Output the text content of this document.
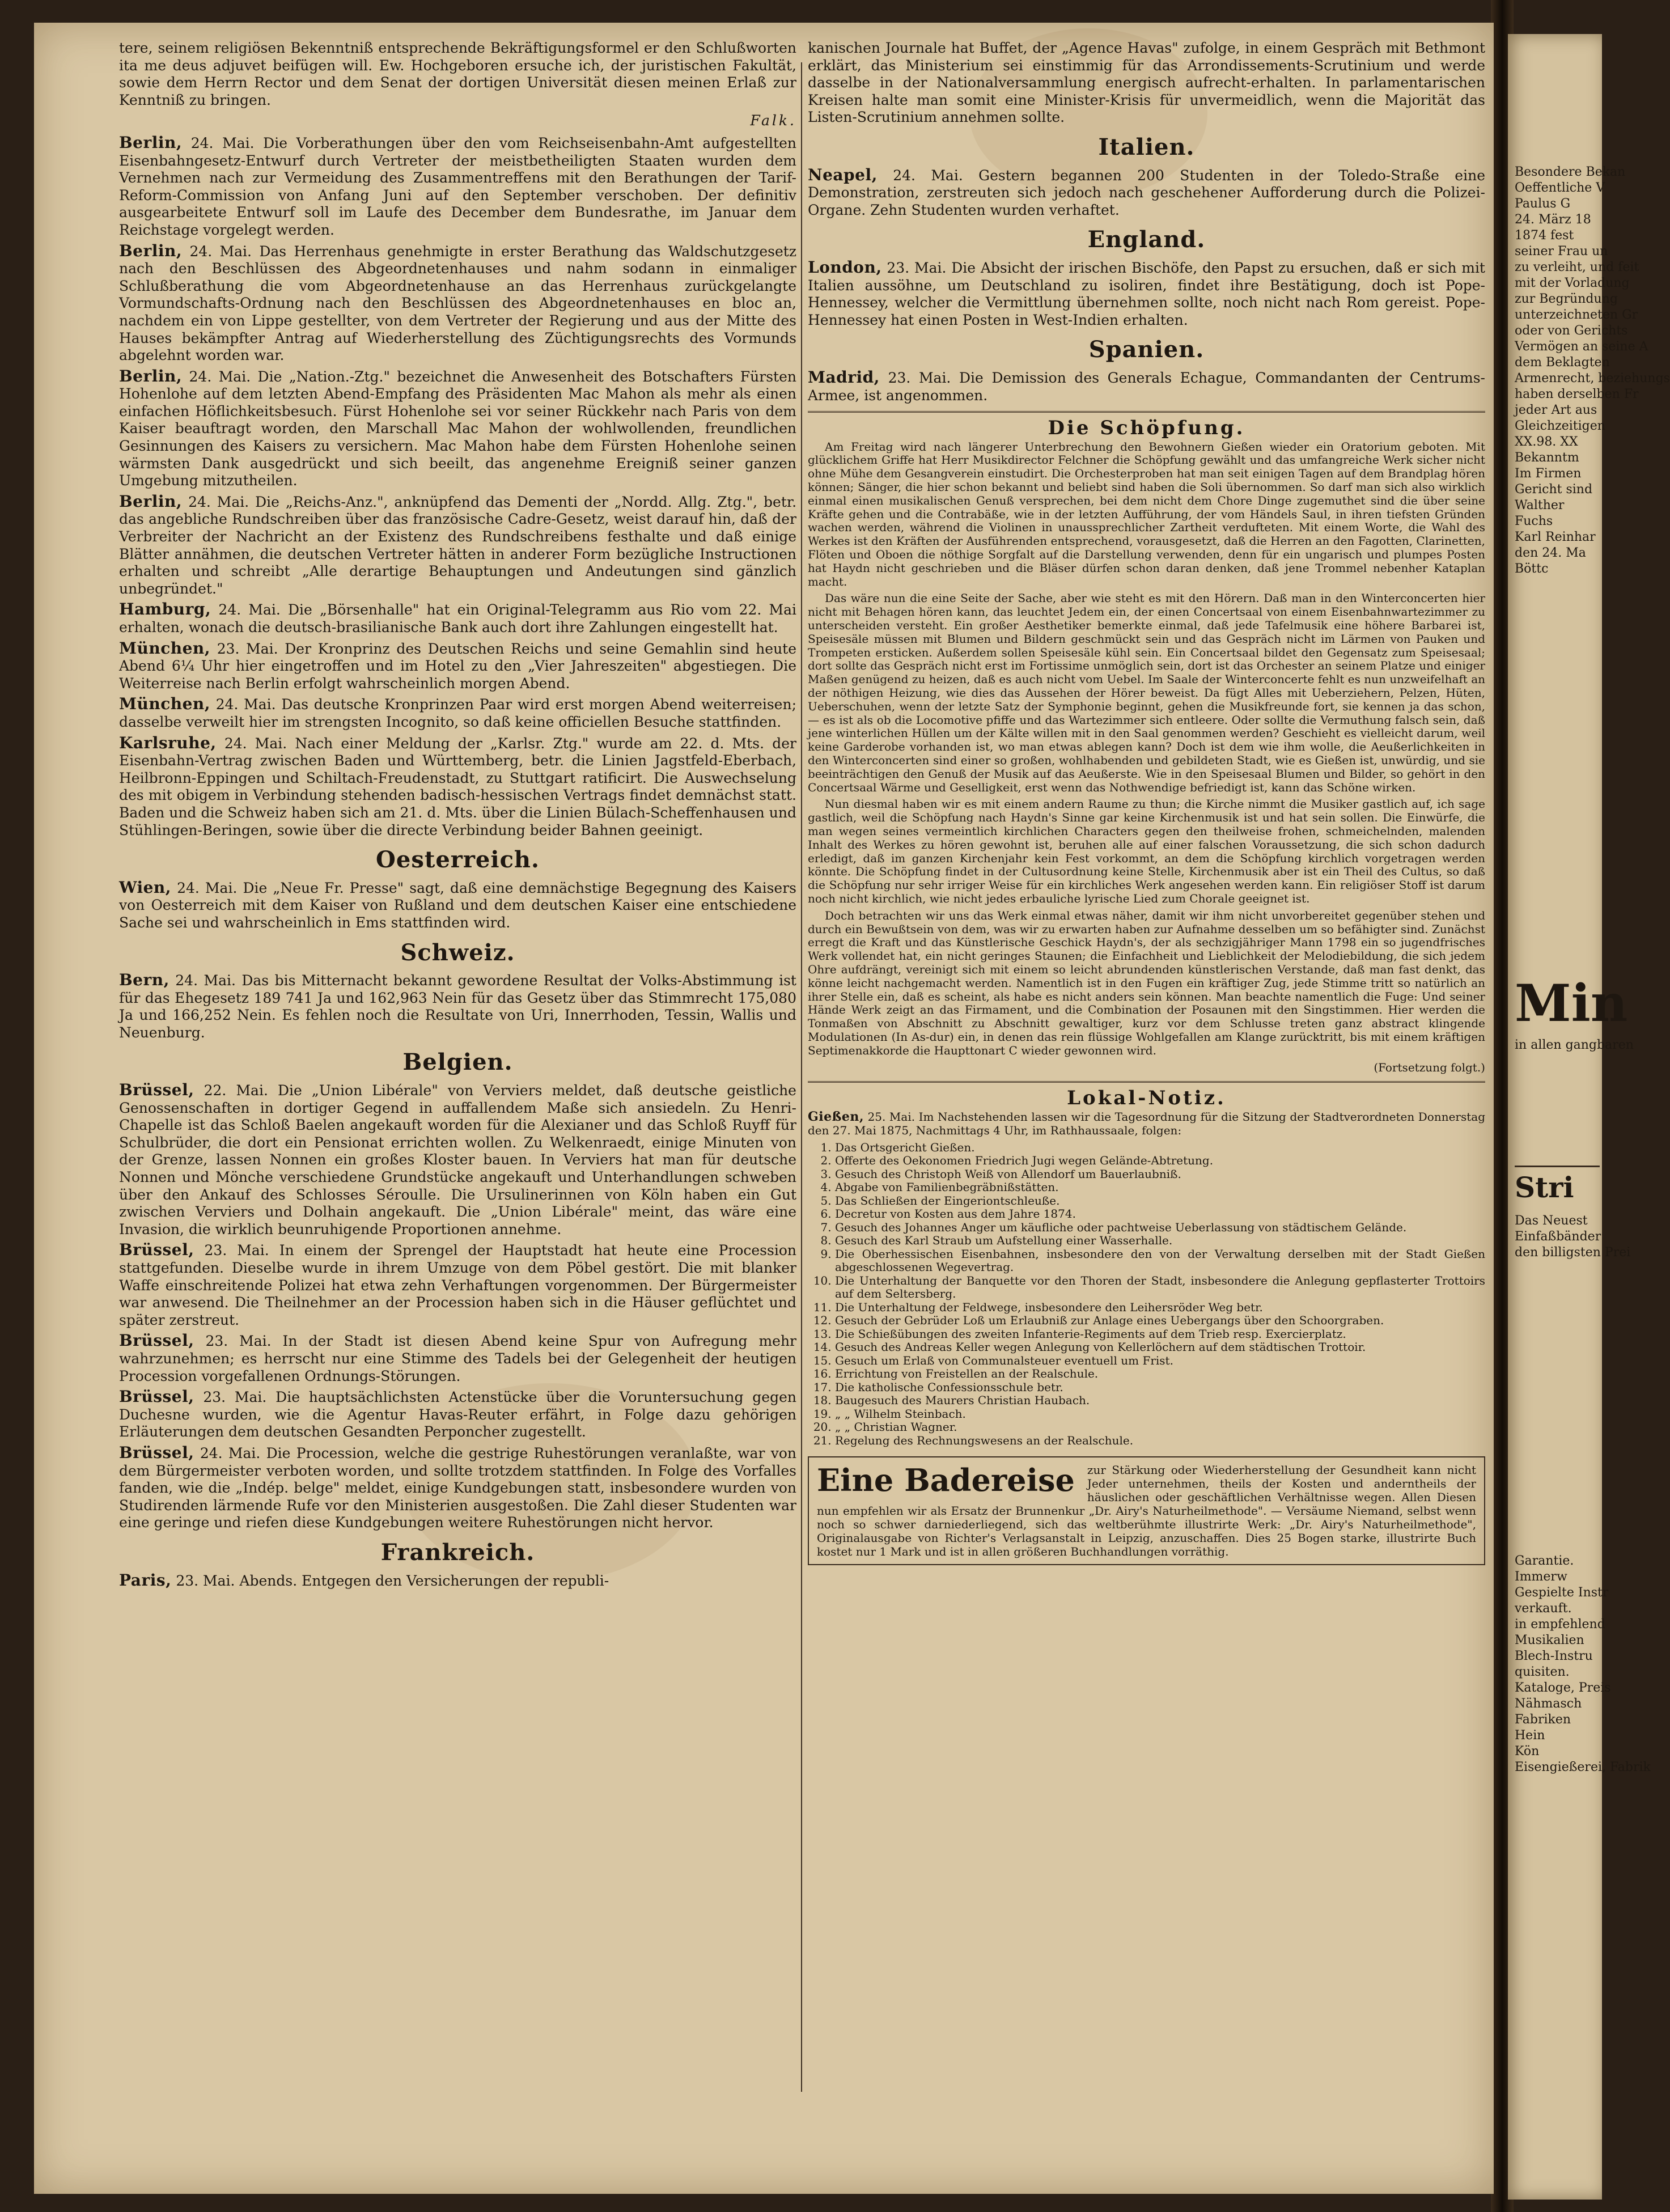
tere, seinem religiösen Bekenntniß entsprechende Bekräftigungsformel er den Schlußworten ita me deus adjuvet beifügen will. Ew. Hochgeboren ersuche ich, der juristischen Fakultät, sowie dem Herrn Rector und dem Senat der dortigen Universität diesen meinen Erlaß zur Kenntniß zu bringen.

Falk.

Berlin, 24. Mai. Die Vorberathungen über den vom Reichseisenbahn-Amt aufgestellten Eisenbahngesetz-Entwurf durch Vertreter der meistbetheiligten Staaten wurden dem Vernehmen nach zur Vermeidung des Zusammentreffens mit den Berathungen der Tarif-Reform-Commission von Anfang Juni auf den September verschoben. Der definitiv ausgearbeitete Entwurf soll im Laufe des December dem Bundesrathe, im Januar dem Reichstage vorgelegt werden.

Berlin, 24. Mai. Das Herrenhaus genehmigte in erster Berathung das Waldschutzgesetz nach den Beschlüssen des Abgeordnetenhauses und nahm sodann in einmaliger Schlußberathung die vom Abgeordnetenhause an das Herrenhaus zurückgelangte Vormundschafts-Ordnung nach den Beschlüssen des Abgeordnetenhauses en bloc an, nachdem ein von Lippe gestellter, von dem Vertreter der Regierung und aus der Mitte des Hauses bekämpfter Antrag auf Wiederherstellung des Züchtigungsrechts des Vormunds abgelehnt worden war.

Berlin, 24. Mai. Die „Nation.-Ztg." bezeichnet die Anwesenheit des Botschafters Fürsten Hohenlohe auf dem letzten Abend-Empfang des Präsidenten Mac Mahon als mehr als einen einfachen Höflichkeitsbesuch. Fürst Hohenlohe sei vor seiner Rückkehr nach Paris von dem Kaiser beauftragt worden, den Marschall Mac Mahon der wohlwollenden, freundlichen Gesinnungen des Kaisers zu versichern. Mac Mahon habe dem Fürsten Hohenlohe seinen wärmsten Dank ausgedrückt und sich beeilt, das angenehme Ereigniß seiner ganzen Umgebung mitzutheilen.

Berlin, 24. Mai. Die „Reichs-Anz.", anknüpfend das Dementi der „Nordd. Allg. Ztg.", betr. das angebliche Rundschreiben über das französische Cadre-Gesetz, weist darauf hin, daß der Verbreiter der Nachricht an der Existenz des Rundschreibens festhalte und daß einige Blätter annähmen, die deutschen Vertreter hätten in anderer Form bezügliche Instructionen erhalten und schreibt „Alle derartige Behauptungen und Andeutungen sind gänzlich unbegründet."

Hamburg, 24. Mai. Die „Börsenhalle" hat ein Original-Telegramm aus Rio vom 22. Mai erhalten, wonach die deutsch-brasilianische Bank auch dort ihre Zahlungen eingestellt hat.

München, 23. Mai. Der Kronprinz des Deutschen Reichs und seine Gemahlin sind heute Abend 6¼ Uhr hier eingetroffen und im Hotel zu den „Vier Jahreszeiten" abgestiegen. Die Weiterreise nach Berlin erfolgt wahrscheinlich morgen Abend.

München, 24. Mai. Das deutsche Kronprinzen Paar wird erst morgen Abend weiterreisen; dasselbe verweilt hier im strengsten Incognito, so daß keine officiellen Besuche stattfinden.

Karlsruhe, 24. Mai. Nach einer Meldung der „Karlsr. Ztg." wurde am 22. d. Mts. der Eisenbahn-Vertrag zwischen Baden und Württemberg, betr. die Linien Jagstfeld-Eberbach, Heilbronn-Eppingen und Schiltach-Freudenstadt, zu Stuttgart ratificirt. Die Auswechselung des mit obigem in Verbindung stehenden badisch-hessischen Vertrags findet demnächst statt. Baden und die Schweiz haben sich am 21. d. Mts. über die Linien Bülach-Scheffenhausen und Stühlingen-Beringen, sowie über die directe Verbindung beider Bahnen geeinigt.

Oesterreich.

Wien, 24. Mai. Die „Neue Fr. Presse" sagt, daß eine demnächstige Begegnung des Kaisers von Oesterreich mit dem Kaiser von Rußland und dem deutschen Kaiser eine entschiedene Sache sei und wahrscheinlich in Ems stattfinden wird.

Schweiz.

Bern, 24. Mai. Das bis Mitternacht bekannt gewordene Resultat der Volks-Abstimmung ist für das Ehegesetz 189 741 Ja und 162,963 Nein für das Gesetz über das Stimmrecht 175,080 Ja und 166,252 Nein. Es fehlen noch die Resultate von Uri, Innerrhoden, Tessin, Wallis und Neuenburg.

Belgien.

Brüssel, 22. Mai. Die „Union Libérale" von Verviers meldet, daß deutsche geistliche Genossenschaften in dortiger Gegend in auffallendem Maße sich ansiedeln. Zu Henri-Chapelle ist das Schloß Baelen angekauft worden für die Alexianer und das Schloß Ruyff für Schulbrüder, die dort ein Pensionat errichten wollen. Zu Welkenraedt, einige Minuten von der Grenze, lassen Nonnen ein großes Kloster bauen. In Verviers hat man für deutsche Nonnen und Mönche verschiedene Grundstücke angekauft und Unterhandlungen schweben über den Ankauf des Schlosses Séroulle. Die Ursulinerinnen von Köln haben ein Gut zwischen Verviers und Dolhain angekauft. Die „Union Libérale" meint, das wäre eine Invasion, die wirklich beunruhigende Proportionen annehme.

Brüssel, 23. Mai. In einem der Sprengel der Hauptstadt hat heute eine Procession stattgefunden. Dieselbe wurde in ihrem Umzuge von dem Pöbel gestört. Die mit blanker Waffe einschreitende Polizei hat etwa zehn Verhaftungen vorgenommen. Der Bürgermeister war anwesend. Die Theilnehmer an der Procession haben sich in die Häuser geflüchtet und später zerstreut.

Brüssel, 23. Mai. In der Stadt ist diesen Abend keine Spur von Aufregung mehr wahrzunehmen; es herrscht nur eine Stimme des Tadels bei der Gelegenheit der heutigen Procession vorgefallenen Ordnungs-Störungen.

Brüssel, 23. Mai. Die hauptsächlichsten Actenstücke über die Voruntersuchung gegen Duchesne wurden, wie die Agentur Havas-Reuter erfährt, in Folge dazu gehörigen Erläuterungen dem deutschen Gesandten Perponcher zugestellt.

Brüssel, 24. Mai. Die Procession, welche die gestrige Ruhestörungen veranlaßte, war von dem Bürgermeister verboten worden, und sollte trotzdem stattfinden. In Folge des Vorfalles fanden, wie die „Indép. belge" meldet, einige Kundgebungen statt, insbesondere wurden von Studirenden lärmende Rufe vor den Ministerien ausgestoßen. Die Zahl dieser Studenten war eine geringe und riefen diese Kundgebungen weitere Ruhestörungen nicht hervor.

Frankreich.

Paris, 23. Mai. Abends. Entgegen den Versicherungen der republi-

kanischen Journale hat Buffet, der „Agence Havas" zufolge, in einem Gespräch mit Bethmont erklärt, das Ministerium sei einstimmig für das Arrondissements-Scrutinium und werde dasselbe in der Nationalversammlung energisch aufrecht-erhalten. In parlamentarischen Kreisen halte man somit eine Minister-Krisis für unvermeidlich, wenn die Majorität das Listen-Scrutinium annehmen sollte.

Italien.

Neapel, 24. Mai. Gestern begannen 200 Studenten in der Toledo-Straße eine Demonstration, zerstreuten sich jedoch nach geschehener Aufforderung durch die Polizei-Organe. Zehn Studenten wurden verhaftet.

England.

London, 23. Mai. Die Absicht der irischen Bischöfe, den Papst zu ersuchen, daß er sich mit Italien aussöhne, um Deutschland zu isoliren, findet ihre Bestätigung, doch ist Pope-Hennessey, welcher die Vermittlung übernehmen sollte, noch nicht nach Rom gereist. Pope-Hennessey hat einen Posten in West-Indien erhalten.

Spanien.

Madrid, 23. Mai. Die Demission des Generals Echague, Commandanten der Centrums-Armee, ist angenommen.

Die Schöpfung.

Am Freitag wird nach längerer Unterbrechung den Bewohnern Gießen wieder ein Oratorium geboten. Mit glücklichem Griffe hat Herr Musikdirector Felchner die Schöpfung gewählt und das umfangreiche Werk sicher nicht ohne Mühe dem Gesangverein einstudirt. Die Orchesterproben hat man seit einigen Tagen auf dem Brandplag hören können; Sänger, die hier schon bekannt und beliebt sind haben die Soli übernommen. So darf man sich also wirklich einmal einen musikalischen Genuß versprechen, bei dem nicht dem Chore Dinge zugemuthet sind die über seine Kräfte gehen und die Contrabäße, wie in der letzten Aufführung, der vom Händels Saul, in ihren tiefsten Gründen wachen werden, während die Violinen in unaussprechlicher Zartheit verdufteten. Mit einem Worte, die Wahl des Werkes ist den Kräften der Ausführenden entsprechend, vorausgesetzt, daß die Herren an den Fagotten, Clarinetten, Flöten und Oboen die nöthige Sorgfalt auf die Darstellung verwenden, denn für ein ungarisch und plumpes Posten hat Haydn nicht geschrieben und die Bläser dürfen schon daran denken, daß jene Trommel nebenher Kataplan macht.

Das wäre nun die eine Seite der Sache, aber wie steht es mit den Hörern. Daß man in den Winterconcerten hier nicht mit Behagen hören kann, das leuchtet Jedem ein, der einen Concertsaal von einem Eisenbahnwartezimmer zu unterscheiden versteht. Ein großer Aesthetiker bemerkte einmal, daß jede Tafelmusik eine höhere Barbarei ist, Speisesäle müssen mit Blumen und Bildern geschmückt sein und das Gespräch nicht im Lärmen von Pauken und Trompeten ersticken. Außerdem sollen Speisesäle kühl sein. Ein Concertsaal bildet den Gegensatz zum Speisesaal; dort sollte das Gespräch nicht erst im Fortissime unmöglich sein, dort ist das Orchester an seinem Platze und einiger Maßen genügend zu heizen, daß es auch nicht vom Uebel. Im Saale der Winterconcerte fehlt es nun unzweifelhaft an der nöthigen Heizung, wie dies das Aussehen der Hörer beweist. Da fügt Alles mit Ueberziehern, Pelzen, Hüten, Ueberschuhen, wenn der letzte Satz der Symphonie beginnt, gehen die Musikfreunde fort, sie kennen ja das schon, — es ist als ob die Locomotive pfiffe und das Wartezimmer sich entleere. Oder sollte die Vermuthung falsch sein, daß jene winterlichen Hüllen um der Kälte willen mit in den Saal genommen werden? Geschieht es vielleicht darum, weil keine Garderobe vorhanden ist, wo man etwas ablegen kann? Doch ist dem wie ihm wolle, die Aeußerlichkeiten in den Winterconcerten sind einer so großen, wohlhabenden und gebildeten Stadt, wie es Gießen ist, unwürdig, und sie beeinträchtigen den Genuß der Musik auf das Aeußerste. Wie in den Speisesaal Blumen und Bilder, so gehört in den Concertsaal Wärme und Geselligkeit, erst wenn das Nothwendige befriedigt ist, kann das Schöne wirken.

Nun diesmal haben wir es mit einem andern Raume zu thun; die Kirche nimmt die Musiker gastlich auf, ich sage gastlich, weil die Schöpfung nach Haydn's Sinne gar keine Kirchenmusik ist und hat sein sollen. Die Einwürfe, die man wegen seines vermeintlich kirchlichen Characters gegen den theilweise frohen, schmeichelnden, malenden Inhalt des Werkes zu hören gewohnt ist, beruhen alle auf einer falschen Voraussetzung, die sich schon dadurch erledigt, daß im ganzen Kirchenjahr kein Fest vorkommt, an dem die Schöpfung kirchlich vorgetragen werden könnte. Die Schöpfung findet in der Cultusordnung keine Stelle, Kirchenmusik aber ist ein Theil des Cultus, so daß die Schöpfung nur sehr irriger Weise für ein kirchliches Werk angesehen werden kann. Ein religiöser Stoff ist darum noch nicht kirchlich, wie nicht jedes erbauliche lyrische Lied zum Chorale geeignet ist.

Doch betrachten wir uns das Werk einmal etwas näher, damit wir ihm nicht unvorbereitet gegenüber stehen und durch ein Bewußtsein von dem, was wir zu erwarten haben zur Aufnahme desselben um so befähigter sind. Zunächst erregt die Kraft und das Künstlerische Geschick Haydn's, der als sechzigjähriger Mann 1798 ein so jugendfrisches Werk vollendet hat, ein nicht geringes Staunen; die Einfachheit und Lieblichkeit der Melodiebildung, die sich jedem Ohre aufdrängt, vereinigt sich mit einem so leicht abrundenden künstlerischen Verstande, daß man fast denkt, das könne leicht nachgemacht werden. Namentlich ist in den Fugen ein kräftiger Zug, jede Stimme tritt so natürlich an ihrer Stelle ein, daß es scheint, als habe es nicht anders sein können. Man beachte namentlich die Fuge: Und seiner Hände Werk zeigt an das Firmament, und die Combination der Posaunen mit den Singstimmen. Hier werden die Tonmaßen von Abschnitt zu Abschnitt gewaltiger, kurz vor dem Schlusse treten ganz abstract klingende Modulationen (In As-dur) ein, in denen das rein flüssige Wohlgefallen am Klange zurücktritt, bis mit einem kräftigen Septimenakkorde die Haupttonart C wieder gewonnen wird.

(Fortsetzung folgt.)

Lokal-Notiz.

Gießen, 25. Mai. Im Nachstehenden lassen wir die Tagesordnung für die Sitzung der Stadtverordneten Donnerstag den 27. Mai 1875, Nachmittags 4 Uhr, im Rathhaussaale, folgen:

1. Das Ortsgericht Gießen.
2. Offerte des Oekonomen Friedrich Jugi wegen Gelände-Abtretung.
3. Gesuch des Christoph Weiß von Allendorf um Bauerlaubniß.
4. Abgabe von Familienbegräbnißstätten.
5. Das Schließen der Eingeriontschleuße.
6. Decretur von Kosten aus dem Jahre 1874.
7. Gesuch des Johannes Anger um käufliche oder pachtweise Ueberlassung von städtischem Gelände.
8. Gesuch des Karl Straub um Aufstellung einer Wasserhalle.
9. Die Oberhessischen Eisenbahnen, insbesondere den von der Verwaltung derselben mit der Stadt Gießen abgeschlossenen Wegevertrag.
10. Die Unterhaltung der Banquette vor den Thoren der Stadt, insbesondere die Anlegung gepflasterter Trottoirs auf dem Seltersberg.
11. Die Unterhaltung der Feldwege, insbesondere den Leihersröder Weg betr.
12. Gesuch der Gebrüder Loß um Erlaubniß zur Anlage eines Uebergangs über den Schoorgraben.
13. Die Schießübungen des zweiten Infanterie-Regiments auf dem Trieb resp. Exercierplatz.
14. Gesuch des Andreas Keller wegen Anlegung von Kellerlöchern auf dem städtischen Trottoir.
15. Gesuch um Erlaß von Communalsteuer eventuell um Frist.
16. Errichtung von Freistellen an der Realschule.
17. Die katholische Confessionsschule betr.
18. Baugesuch des Maurers Christian Haubach.
19. „ „ Wilhelm Steinbach.
20. „ „ Christian Wagner.
21. Regelung des Rechnungswesens an der Realschule.
Eine Badereise	zur Stärkung oder Wiederherstellung der Gesundheit kann nicht Jeder unternehmen, theils der Kosten und anderntheils der häuslichen oder geschäftlichen Verhältnisse wegen. Allen Diesen nun empfehlen wir als Ersatz der Brunnenkur „Dr. Airy's Naturheilmethode". — Versäume Niemand, selbst wenn noch so schwer darniederliegend, sich das weltberühmte illustrirte Werk: „Dr. Airy's Naturheilmethode", Originalausgabe von Richter's Verlagsanstalt in Leipzig, anzuschaffen. Dies 25 Bogen starke, illustrirte Buch kostet nur 1 Mark und ist in allen größeren Buchhandlungen vorräthig.
Besondere Bekan
Oeffentliche V
Paulus G
24. März 18
1874 fest
seiner Frau un
zu verleiht, und feit
mit der Vorladung
zur Begründung
unterzeichneten Gr
oder von Gerichts
Vermögen an seine A
dem Beklagten
Armenrecht, beziehungs
haben derselben Fr
jeder Art aus
Gleichzeitigen
XX.98. XX
Bekanntm
Im Firmen
Gericht sind
Walther
Fuchs
Karl Reinhar
den 24. Ma
Böttc
Min
in allen gangbaren
Stri
Das Neuest
Einfaßbänder
den billigsten Prei
Garantie.
Immerw
Gespielte Instr
verkauft.
in empfehlend
Musikalien
Blech-Instru
quisiten.
Kataloge, Preis
Nähmasch
Fabriken
Hein
Kön
Eisengießerei, Fabrik
